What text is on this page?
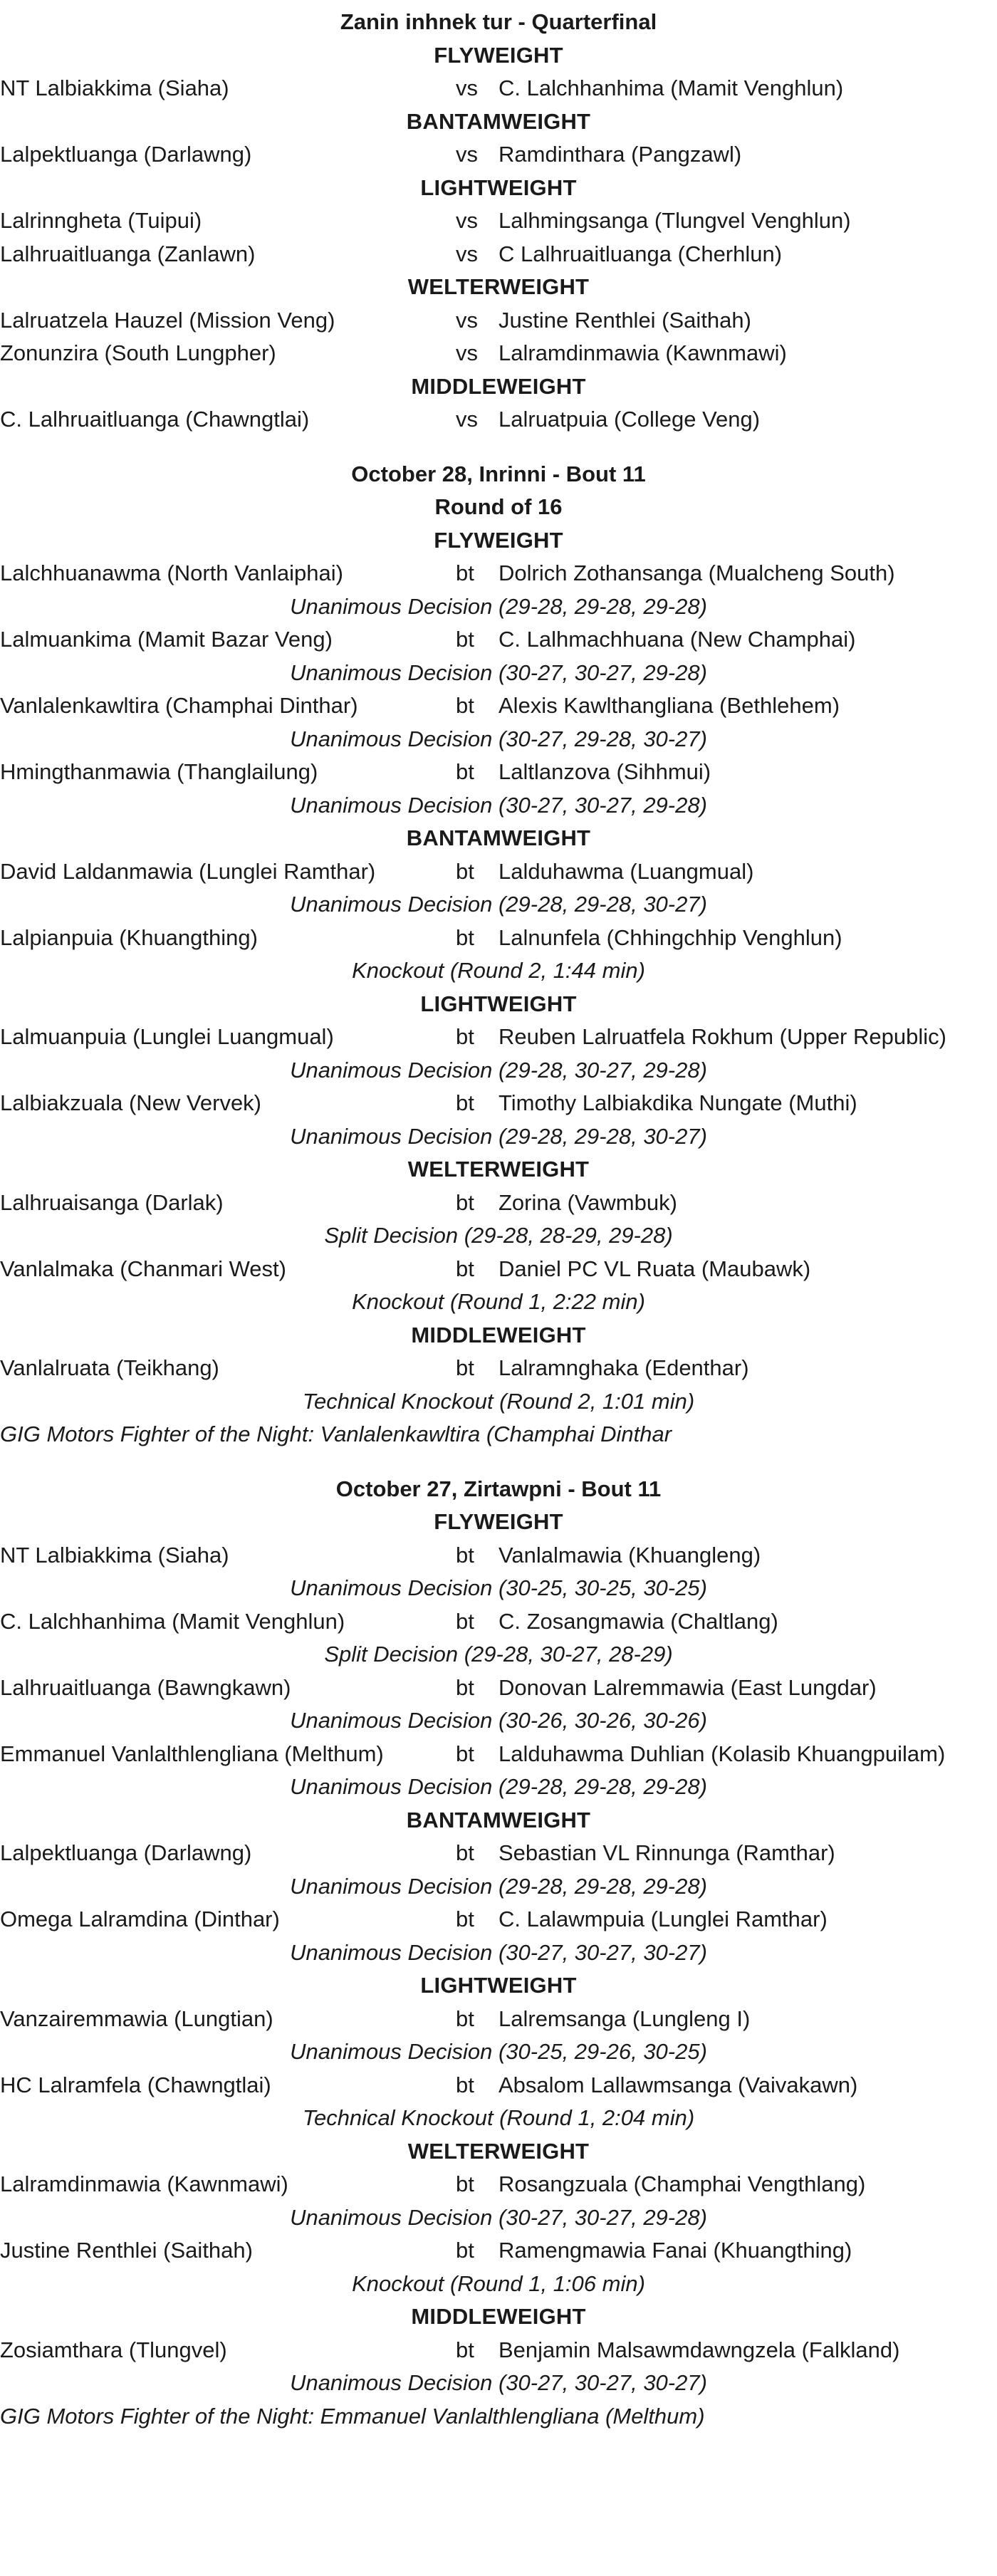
Zanin inhnek tur - Quarterfinal
FLYWEIGHT
NT Lalbiakkima (Siaha)	vs C. Lalchhanhima (Mamit Venghlun)
BANTAMWEIGHT
Lalpektluanga (Darlawng)	vs Ramdinthara (Pangzawl)
LIGHTWEIGHT
Lalrinngheta (Tuipui)	vs Lalhmingsanga (Tlungvel Venghlun)
Lalhruaitluanga (Zanlawn)	vs C Lalhruaitluanga (Cherhlun)
WELTERWEIGHT
Lalruatzela Hauzel (Mission Veng)	vs Justine Renthlei (Saithah)
Zonunzira (South Lungpher)	vs Lalramdinmawia (Kawnmawi)
MIDDLEWEIGHT
C. Lalhruaitluanga (Chawngtlai)	vs Lalruatpuia (College Veng)
October 28, Inrinni - Bout 11
Round of 16
FLYWEIGHT
Lalchhuanawma (North Vanlaiphai)	bt	Dolrich Zothansanga (Mualcheng South)
Unanimous Decision (29-28, 29-28, 29-28)
Lalmuankima (Mamit Bazar Veng)	bt	C. Lalhmachhuana (New Champhai)
Unanimous Decision (30-27, 30-27, 29-28)
Vanlalenkawltira (Champhai Dinthar)	bt	Alexis Kawlthangliana (Bethlehem)
Unanimous Decision (30-27, 29-28, 30-27)
Hmingthanmawia (Thanglailung)	bt	Laltlanzova (Sihhmui)
Unanimous Decision (30-27, 30-27, 29-28)
BANTAMWEIGHT
David Laldanmawia (Lunglei Ramthar)	bt	Lalduhawma (Luangmual)
Unanimous Decision (29-28, 29-28, 30-27)
Lalpianpuia (Khuangthing)	bt	Lalnunfela (Chhingchhip Venghlun)
Knockout (Round 2, 1:44 min)
LIGHTWEIGHT
Lalmuanpuia (Lunglei Luangmual)	bt	Reuben Lalruatfela Rokhum (Upper Republic)
Unanimous Decision (29-28, 30-27, 29-28)
Lalbiakzuala (New Vervek)	bt	Timothy Lalbiakdika Nungate (Muthi)
Unanimous Decision (29-28, 29-28, 30-27)
WELTERWEIGHT
Lalhruaisanga (Darlak)	bt	Zorina (Vawmbuk)
Split Decision (29-28, 28-29, 29-28)
Vanlalmaka (Chanmari West)	bt	Daniel PC VL Ruata (Maubawk)
Knockout (Round 1, 2:22 min)
MIDDLEWEIGHT
Vanlalruata (Teikhang)	bt	Lalramnghaka (Edenthar)
Technical Knockout (Round 2, 1:01 min)
GIG Motors Fighter of the Night: Vanlalenkawltira (Champhai Dinthar
October 27, Zirtawpni - Bout 11
FLYWEIGHT
NT Lalbiakkima (Siaha)	bt	Vanlalmawia (Khuangleng)
Unanimous Decision (30-25, 30-25, 30-25)
C. Lalchhanhima (Mamit Venghlun)	bt	C. Zosangmawia (Chaltlang)
Split Decision (29-28, 30-27, 28-29)
Lalhruaitluanga (Bawngkawn)	bt	Donovan Lalremmawia (East Lungdar)
Unanimous Decision (30-26, 30-26, 30-26)
Emmanuel Vanlalthlengliana (Melthum)	bt	Lalduhawma Duhlian (Kolasib Khuangpuilam)
Unanimous Decision (29-28, 29-28, 29-28)
BANTAMWEIGHT
Lalpektluanga (Darlawng)	bt	Sebastian VL Rinnunga (Ramthar)
Unanimous Decision (29-28, 29-28, 29-28)
Omega Lalramdina (Dinthar)	bt	C. Lalawmpuia (Lunglei Ramthar)
Unanimous Decision (30-27, 30-27, 30-27)
LIGHTWEIGHT
Vanzairemmawia (Lungtian)	bt	Lalremsanga (Lungleng I)
Unanimous Decision (30-25, 29-26, 30-25)
HC Lalramfela (Chawngtlai)	bt	Absalom Lallawmsanga (Vaivakawn)
Technical Knockout (Round 1, 2:04 min)
WELTERWEIGHT
Lalramdinmawia (Kawnmawi)	bt	Rosangzuala (Champhai Vengthlang)
Unanimous Decision (30-27, 30-27, 29-28)
Justine Renthlei (Saithah)	bt	Ramengmawia Fanai (Khuangthing)
Knockout (Round 1, 1:06 min)
MIDDLEWEIGHT
Zosiamthara (Tlungvel)	bt	Benjamin Malsawmdawngzela (Falkland)
Unanimous Decision (30-27, 30-27, 30-27)
GIG Motors Fighter of the Night: Emmanuel Vanlalthlengliana (Melthum)
